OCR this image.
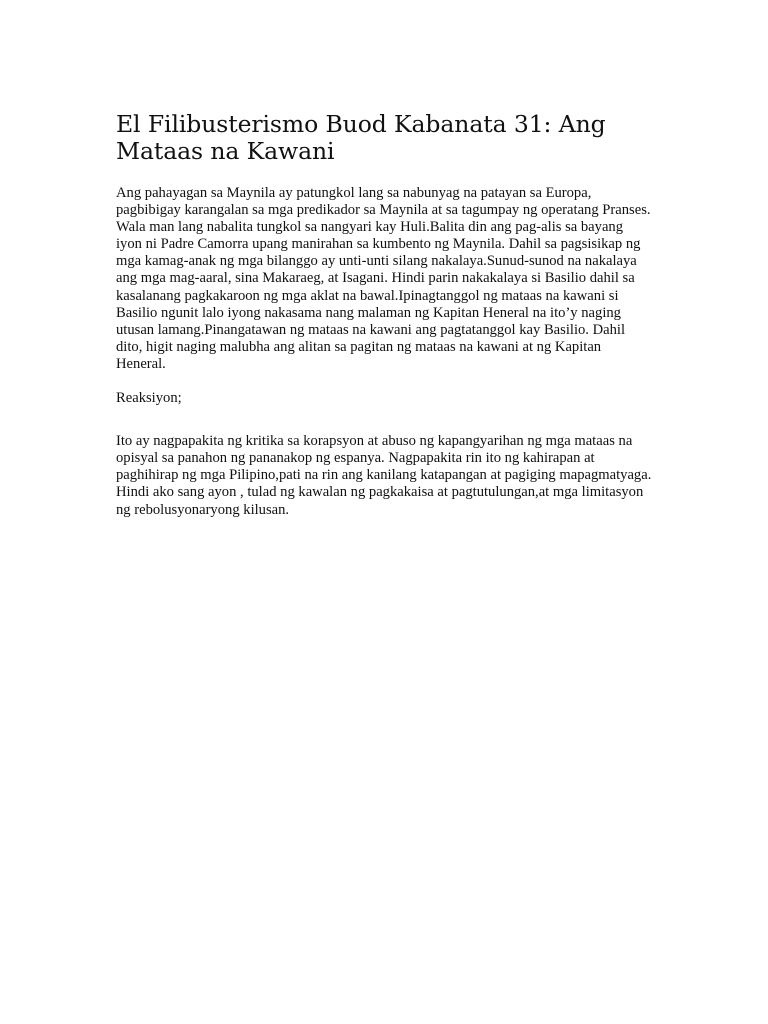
El Filibusterismo Buod Kabanata 31: Ang Mataas na Kawani

Ang pahayagan sa Maynila ay patungkol lang sa nabunyag na patayan sa Europa, pagbibigay karangalan sa mga predikador sa Maynila at sa tagumpay ng operatang Pranses. Wala man lang nabalita tungkol sa nangyari kay Huli.Balita din ang pag-alis sa bayang iyon ni Padre Camorra upang manirahan sa kumbento ng Maynila. Dahil sa pagsisikap ng mga kamag-anak ng mga bilanggo ay unti-unti silang nakalaya.Sunud-sunod na nakalaya ang mga mag-aaral, sina Makaraeg, at Isagani. Hindi parin nakakalaya si Basilio dahil sa kasalanang pagkakaroon ng mga aklat na bawal.Ipinagtanggol ng mataas na kawani si Basilio ngunit lalo iyong nakasama nang malaman ng Kapitan Heneral na ito’y naging utusan lamang.Pinangatawan ng mataas na kawani ang pagtatanggol kay Basilio. Dahil dito, higit naging malubha ang alitan sa pagitan ng mataas na kawani at ng Kapitan Heneral.

Reaksiyon;

Ito ay nagpapakita ng kritika sa korapsyon at abuso ng kapangyarihan ng mga mataas na opisyal sa panahon ng pananakop ng espanya. Nagpapakita rin ito ng kahirapan at paghihirap ng mga Pilipino,pati na rin ang kanilang katapangan at pagiging mapagmatyaga. Hindi ako sang ayon , tulad ng kawalan ng pagkakaisa at pagtutulungan,at mga limitasyon ng rebolusyonaryong kilusan.
